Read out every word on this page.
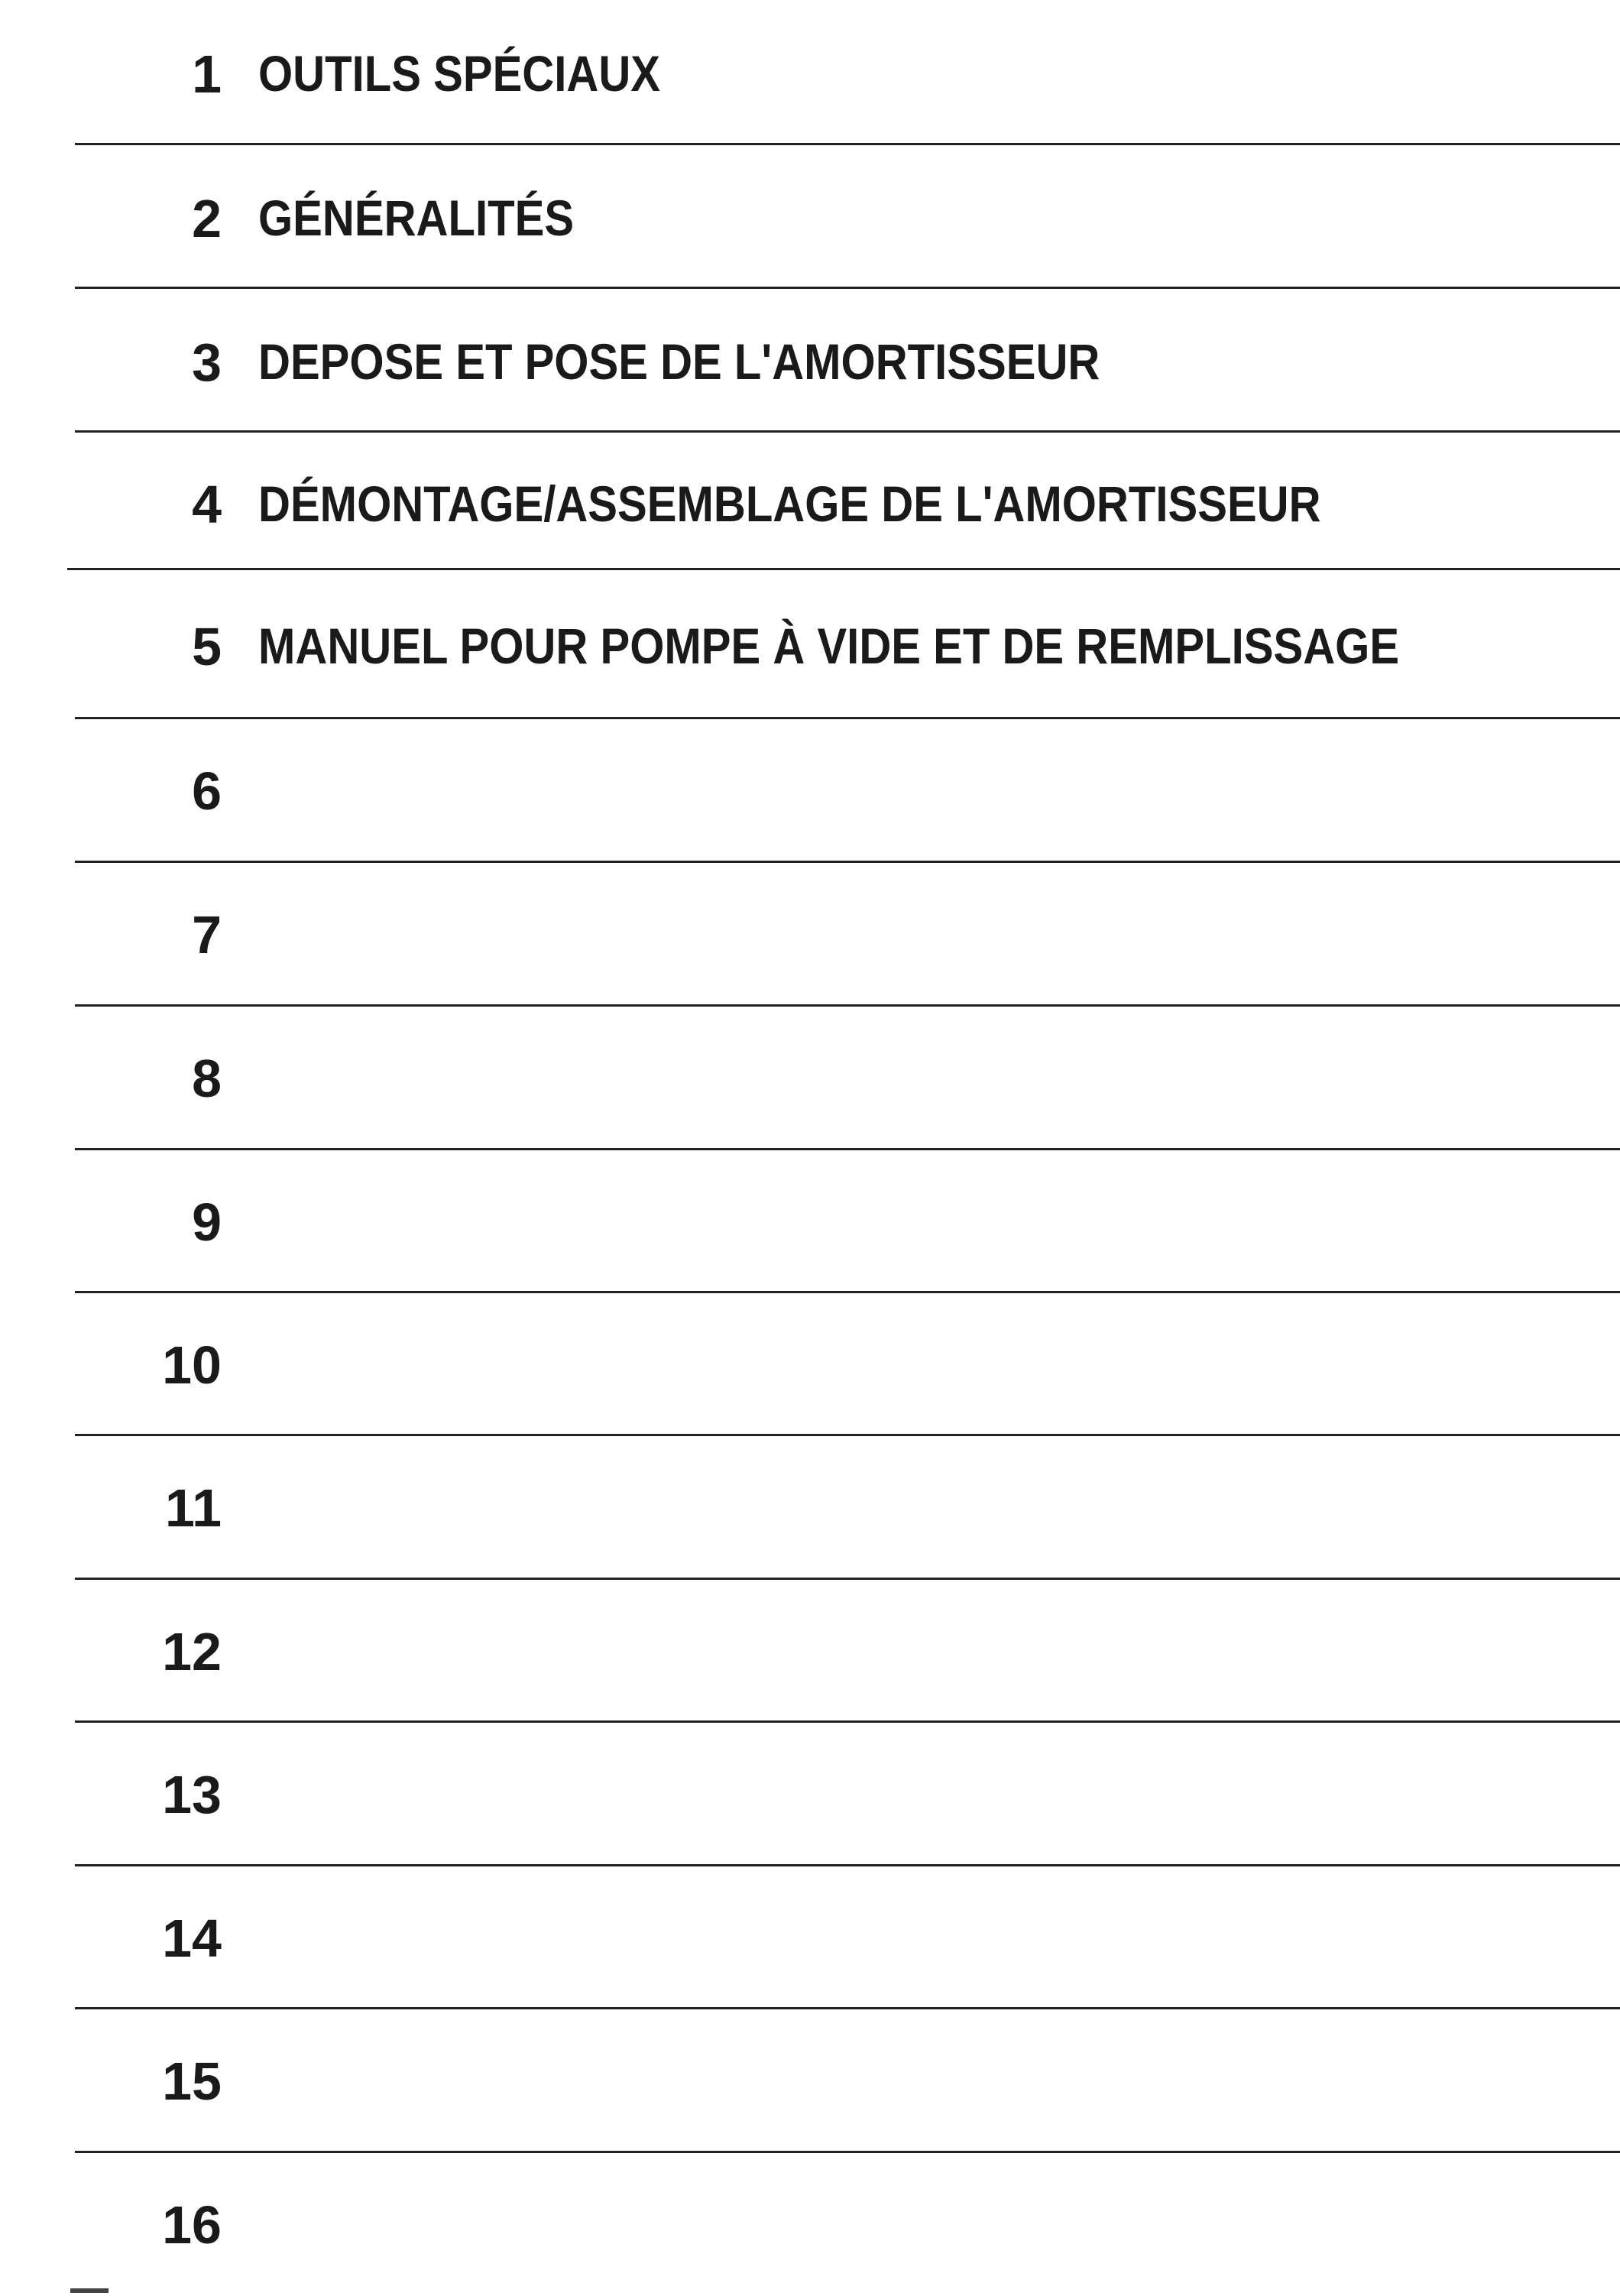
1 OUTILS SPÉCIAUX
2 GÉNÉRALITÉS
3 DEPOSE ET POSE DE L'AMORTISSEUR
4 DÉMONTAGE/ASSEMBLAGE DE L'AMORTISSEUR
5 MANUEL POUR POMPE À VIDE ET DE REMPLISSAGE
6
7
8
9
10
11
12
13
14
15
16
